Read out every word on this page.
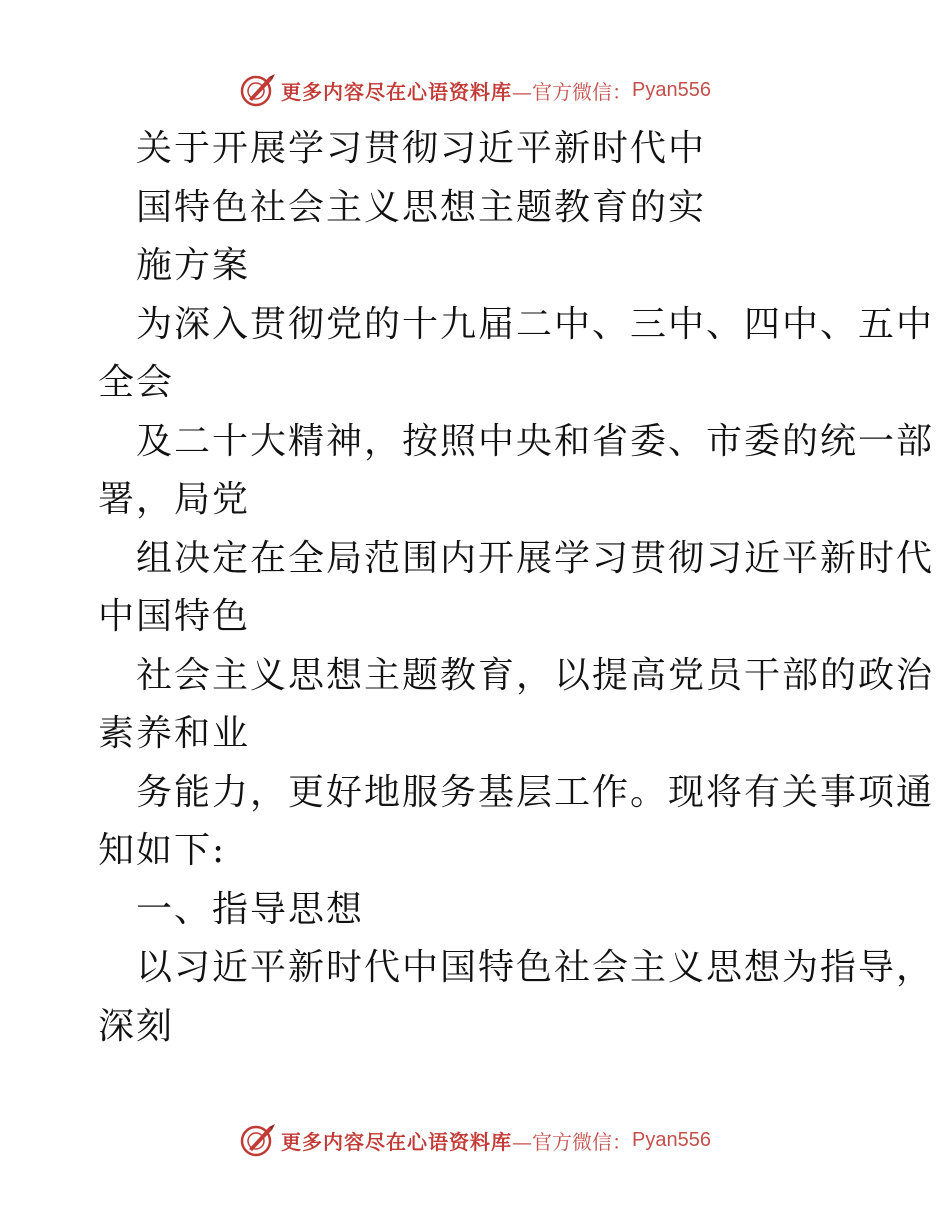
更多内容尽在心语资料库 —官方微信： Pyan556
关于开展学习贯彻习近平新时代中
国特色社会主义思想主题教育的实
施方案
为深入贯彻党的十九届二中、三中、四中、五中
全会
及二十大精神，按照中央和省委、市委的统一部
署，局党
组决定在全局范围内开展学习贯彻习近平新时代
中国特色
社会主义思想主题教育，以提高党员干部的政治
素养和业
务能力，更好地服务基层工作。现将有关事项通
知如下:
一、指导思想
以习近平新时代中国特色社会主义思想为指导，
深刻
更多内容尽在心语资料库 —官方微信： Pyan556
